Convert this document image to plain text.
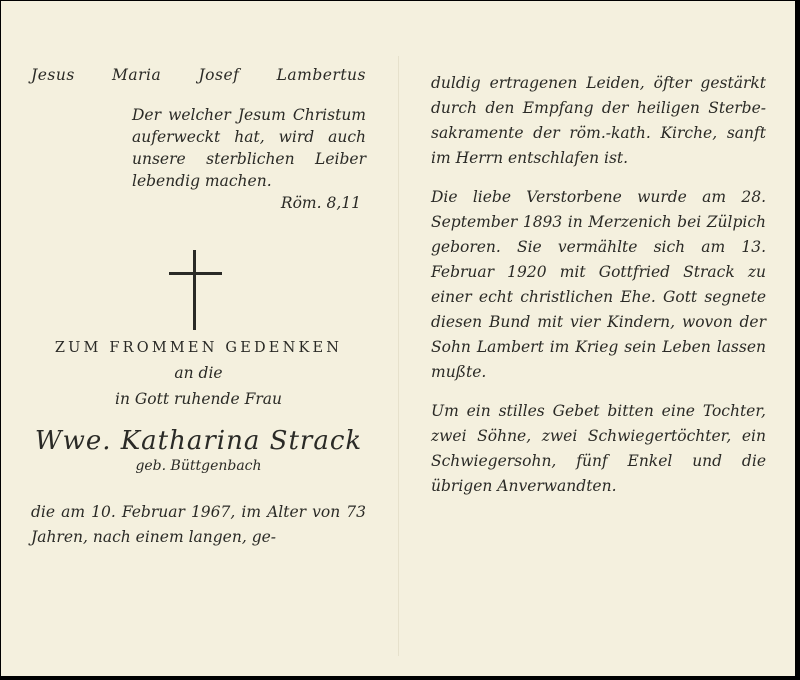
Jesus Maria Josef Lambertus
Der welcher Jesum Christum auferweckt hat, wird auch unsere sterblichen Leiber lebendig machen.
Röm. 8,11
ZUM FROMMEN GEDENKEN
an die
in Gott ruhende Frau
Wwe. Katharina Strack
geb. Büttgenbach
die am 10. Februar 1967, im Alter von 73 Jahren, nach einem langen, ge-
duldig ertragenen Leiden, öfter gestärkt durch den Empfang der heiligen Sterbe-sakramente der röm.-kath. Kirche, sanft im Herrn entschlafen ist.
Die liebe Verstorbene wurde am 28. September 1893 in Merzenich bei Zülpich geboren. Sie vermählte sich am 13. Februar 1920 mit Gottfried Strack zu einer echt christlichen Ehe. Gott segnete diesen Bund mit vier Kindern, wovon der Sohn Lambert im Krieg sein Leben lassen mußte.
Um ein stilles Gebet bitten eine Tochter, zwei Söhne, zwei Schwiegertöchter, ein Schwiegersohn, fünf Enkel und die übrigen Anverwandten.
